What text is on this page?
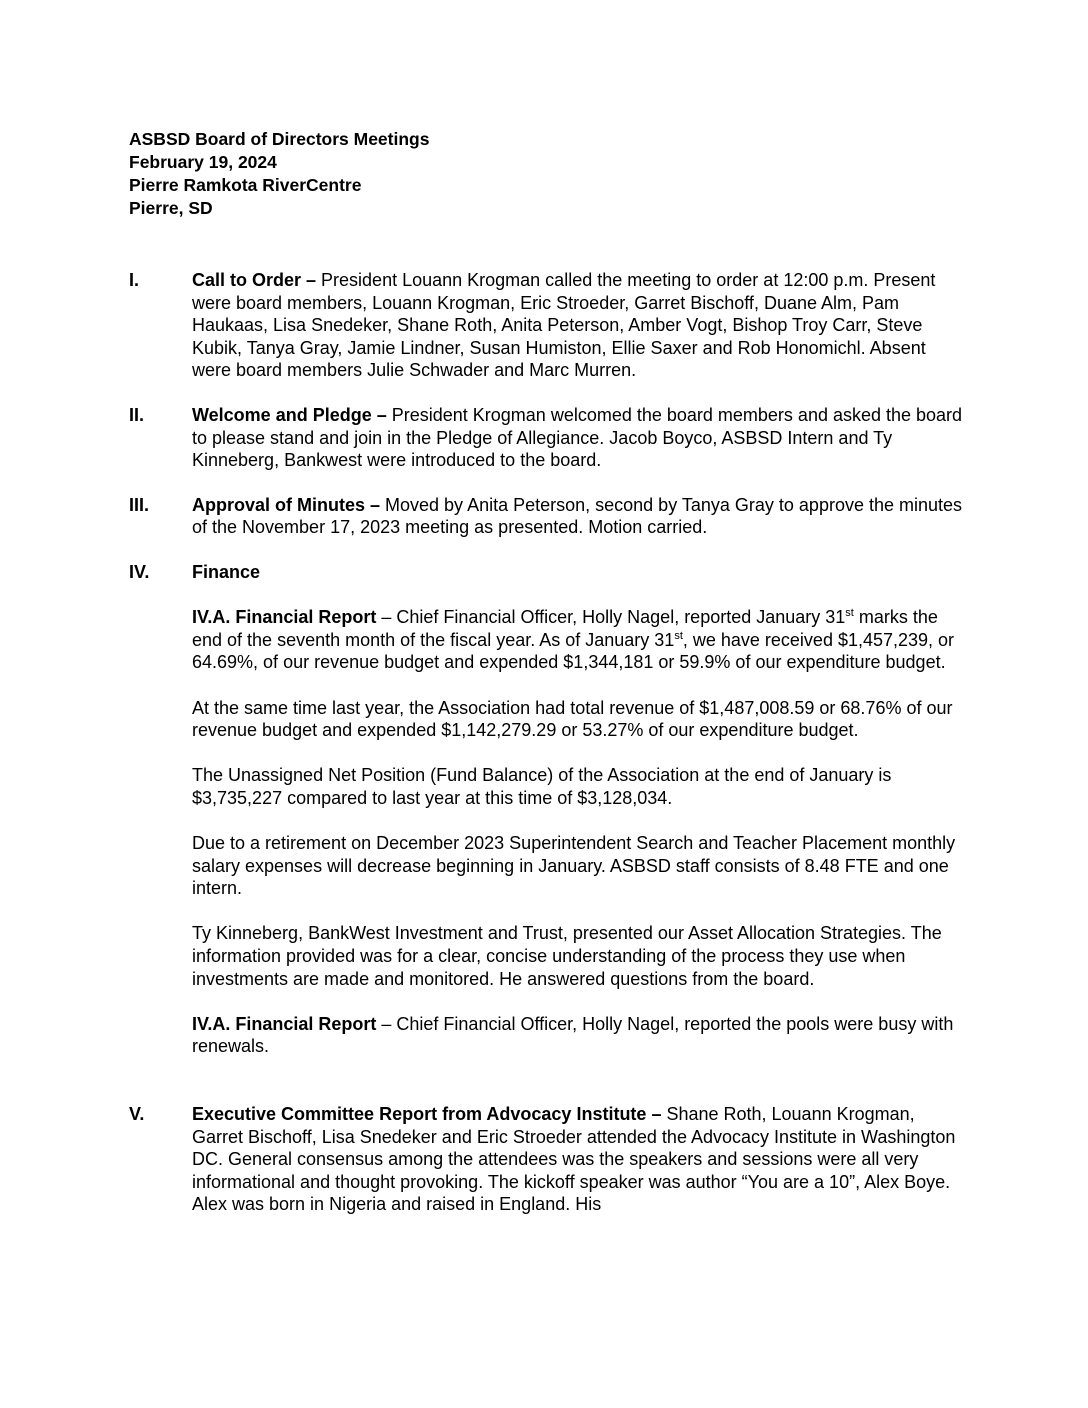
ASBSD Board of Directors Meetings
February 19, 2024
Pierre Ramkota RiverCentre
Pierre, SD
I.	Call to Order – President Louann Krogman called the meeting to order at 12:00 p.m. Present were board members, Louann Krogman, Eric Stroeder, Garret Bischoff, Duane Alm, Pam Haukaas, Lisa Snedeker, Shane Roth, Anita Peterson, Amber Vogt, Bishop Troy Carr, Steve Kubik, Tanya Gray, Jamie Lindner, Susan Humiston, Ellie Saxer and Rob Honomichl. Absent were board members Julie Schwader and Marc Murren.

II.	Welcome and Pledge – President Krogman welcomed the board members and asked the board to please stand and join in the Pledge of Allegiance. Jacob Boyco, ASBSD Intern and Ty Kinneberg, Bankwest were introduced to the board.

III. Approval of Minutes – Moved by Anita Peterson, second by Tanya Gray to approve the minutes of the November 17, 2023 meeting as presented. Motion carried.

IV. Finance

IV.A. Financial Report – Chief Financial Officer, Holly Nagel, reported January 31st marks the end of the seventh month of the fiscal year. As of January 31st, we have received $1,457,239, or 64.69%, of our revenue budget and expended $1,344,181 or 59.9% of our expenditure budget.

At the same time last year, the Association had total revenue of $1,487,008.59 or 68.76% of our revenue budget and expended $1,142,279.29 or 53.27% of our expenditure budget.

The Unassigned Net Position (Fund Balance) of the Association at the end of January is $3,735,227 compared to last year at this time of $3,128,034.

Due to a retirement on December 2023 Superintendent Search and Teacher Placement monthly salary expenses will decrease beginning in January. ASBSD staff consists of 8.48 FTE and one intern.

Ty Kinneberg, BankWest Investment and Trust, presented our Asset Allocation Strategies. The information provided was for a clear, concise understanding of the process they use when investments are made and monitored. He answered questions from the board.

IV.A. Financial Report – Chief Financial Officer, Holly Nagel, reported the pools were busy with renewals.

V.	Executive Committee Report from Advocacy Institute – Shane Roth, Louann Krogman, Garret Bischoff, Lisa Snedeker and Eric Stroeder attended the Advocacy Institute in Washington DC. General consensus among the attendees was the speakers and sessions were all very informational and thought provoking. The kickoff speaker was author “You are a 10”, Alex Boye. Alex was born in Nigeria and raised in England. His
